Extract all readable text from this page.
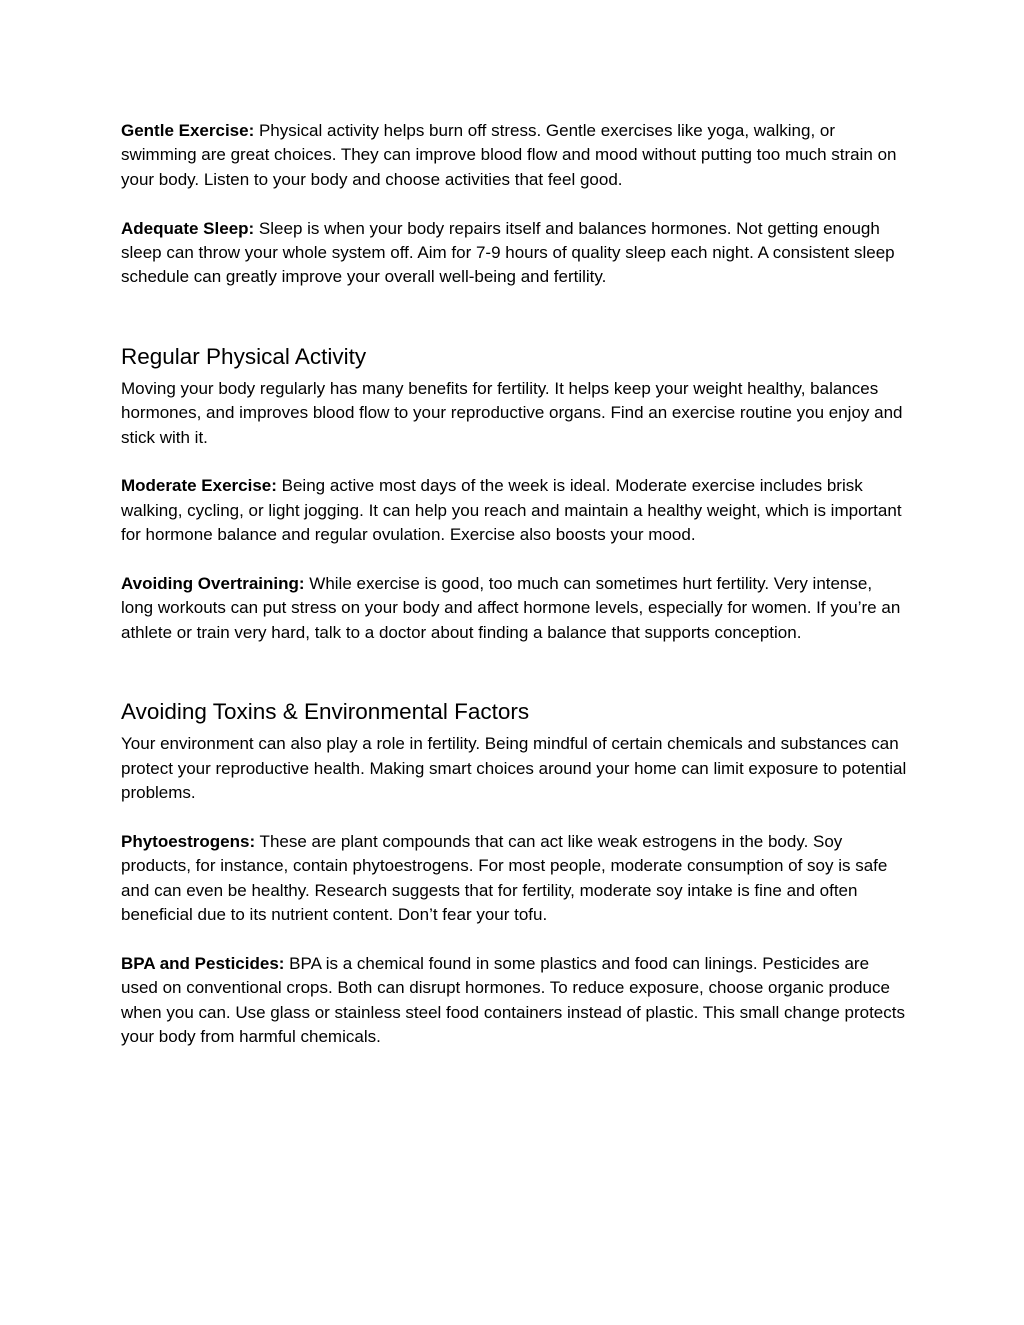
Gentle Exercise: Physical activity helps burn off stress. Gentle exercises like yoga, walking, or swimming are great choices. They can improve blood flow and mood without putting too much strain on your body. Listen to your body and choose activities that feel good.

Adequate Sleep: Sleep is when your body repairs itself and balances hormones. Not getting enough sleep can throw your whole system off. Aim for 7-9 hours of quality sleep each night. A consistent sleep schedule can greatly improve your overall well-being and fertility.

Regular Physical Activity

Moving your body regularly has many benefits for fertility. It helps keep your weight healthy, balances hormones, and improves blood flow to your reproductive organs. Find an exercise routine you enjoy and stick with it.

Moderate Exercise: Being active most days of the week is ideal. Moderate exercise includes brisk walking, cycling, or light jogging. It can help you reach and maintain a healthy weight, which is important for hormone balance and regular ovulation. Exercise also boosts your mood.

Avoiding Overtraining: While exercise is good, too much can sometimes hurt fertility. Very intense, long workouts can put stress on your body and affect hormone levels, especially for women. If you’re an athlete or train very hard, talk to a doctor about finding a balance that supports conception.

Avoiding Toxins & Environmental Factors

Your environment can also play a role in fertility. Being mindful of certain chemicals and substances can protect your reproductive health. Making smart choices around your home can limit exposure to potential problems.

Phytoestrogens: These are plant compounds that can act like weak estrogens in the body. Soy products, for instance, contain phytoestrogens. For most people, moderate consumption of soy is safe and can even be healthy. Research suggests that for fertility, moderate soy intake is fine and often beneficial due to its nutrient content. Don’t fear your tofu.

BPA and Pesticides: BPA is a chemical found in some plastics and food can linings. Pesticides are used on conventional crops. Both can disrupt hormones. To reduce exposure, choose organic produce when you can. Use glass or stainless steel food containers instead of plastic. This small change protects your body from harmful chemicals.
